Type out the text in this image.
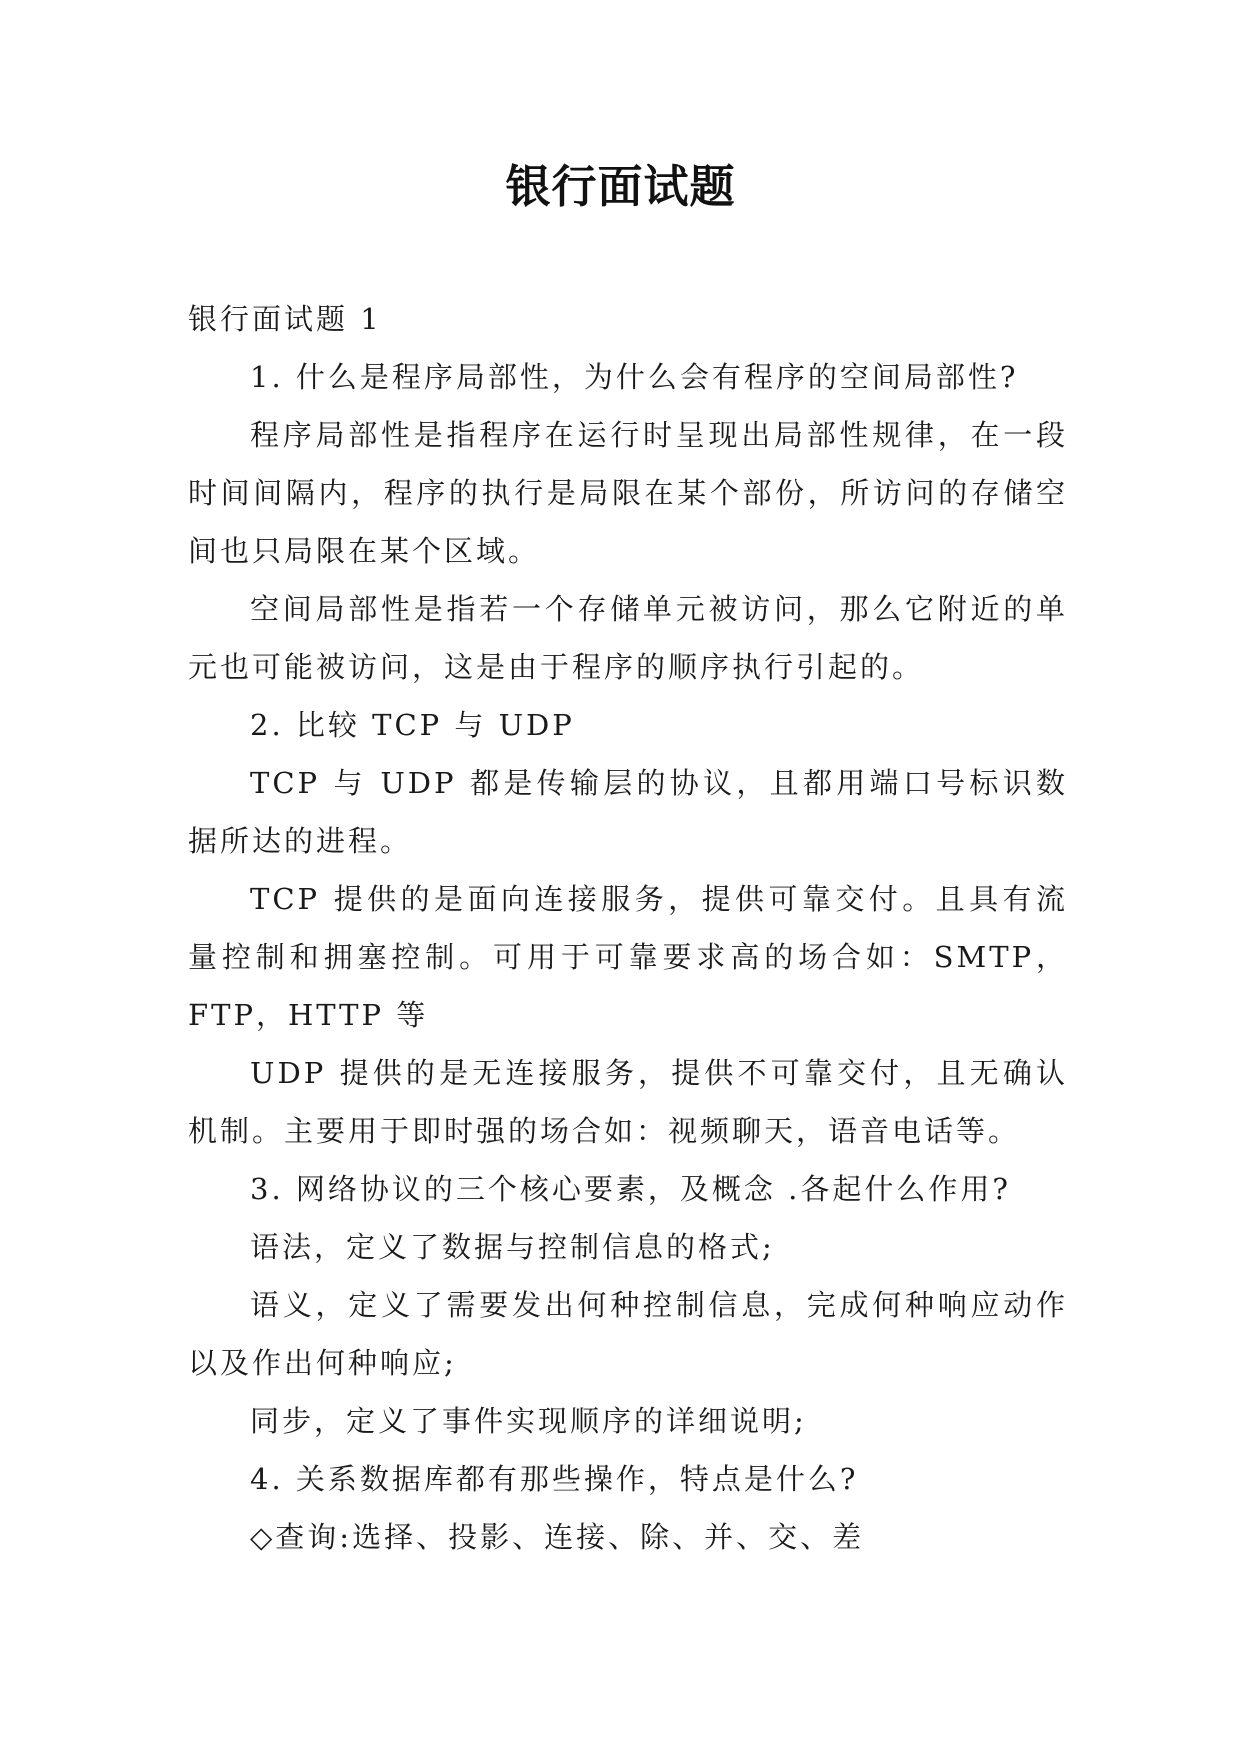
银行面试题

银行面试题 1

1. 什么是程序局部性，为什么会有程序的空间局部性?

程序局部性是指程序在运行时呈现出局部性规律，在一段时间间隔内，程序的执行是局限在某个部份，所访问的存储空间也只局限在某个区域。

空间局部性是指若一个存储单元被访问，那么它附近的单元也可能被访问，这是由于程序的顺序执行引起的。

2. 比较 TCP 与 UDP

TCP 与 UDP 都是传输层的协议，且都用端口号标识数据所达的进程。

TCP 提供的是面向连接服务，提供可靠交付。且具有流量控制和拥塞控制。可用于可靠要求高的场合如：SMTP，FTP，HTTP 等

UDP 提供的是无连接服务，提供不可靠交付，且无确认机制。主要用于即时强的场合如：视频聊天，语音电话等。

3. 网络协议的三个核心要素，及概念 .各起什么作用?

语法，定义了数据与控制信息的格式;

语义，定义了需要发出何种控制信息，完成何种响应动作以及作出何种响应;

同步，定义了事件实现顺序的详细说明;

4. 关系数据库都有那些操作，特点是什么?

◇查询:选择、投影、连接、除、并、交、差
